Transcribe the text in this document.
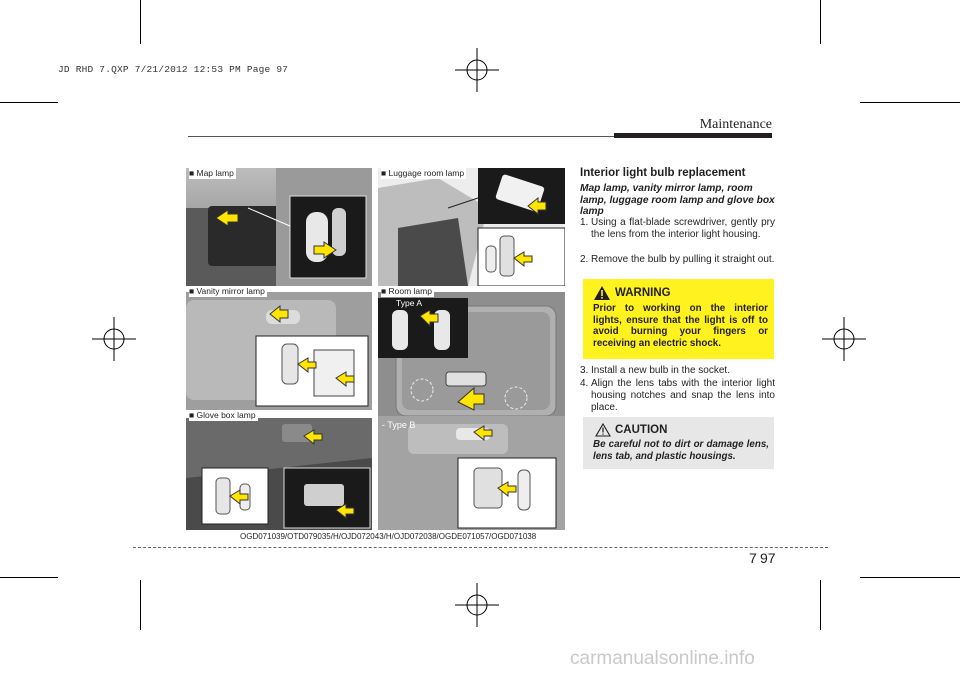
JD RHD 7.QXP 7/21/2012 12:53 PM Page 97
Maintenance
■ Map lamp	■ Luggage room lamp
■ Vanity mirror lamp	■ Room lamp
Type A
- Type B
■ Glove box lamp
OGD071039/OTD079035/H/OJD072043/H/OJD072038/OGDE071057/OGD071038
Interior light bulb replacement
Map lamp, vanity mirror lamp, room lamp, luggage room lamp and glove box lamp
1. Using a flat-blade screwdriver, gently pry the lens from the interior light housing.
2. Remove the bulb by pulling it straight out.
WARNING
Prior to working on the interior lights, ensure that the light is off to avoid burning your fingers or receiving an electric shock.
3. Install a new bulb in the socket.
4. Align the lens tabs with the interior light housing notches and snap the lens into place.
CAUTION
Be careful not to dirt or damage lens, lens tab, and plastic housings.
7 97
carmanualsonline.info
